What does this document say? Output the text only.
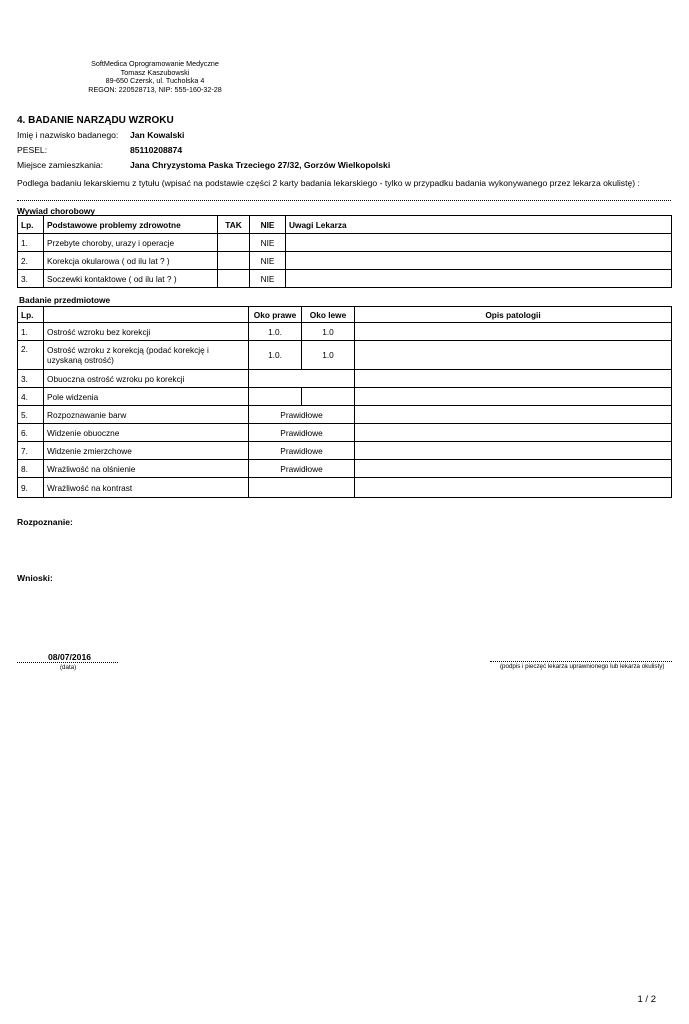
SoftMedica Oprogramowanie Medyczne
Tomasz Kaszubowski
89-650 Czersk, ul. Tucholska 4
REGON: 220528713, NIP: 555-160-32-28
4. BADANIE NARZĄDU WZROKU
Imię i nazwisko badanego: Jan Kowalski
PESEL:	85110208874
Miejsce zamieszkania:	Jana Chryzystoma Paska Trzeciego 27/32, Gorzów Wielkopolski
Podlega badaniu lekarskiemu z tytułu (wpisać na podstawie części 2 karty badania lekarskiego - tylko w przypadku badania wykonywanego przez lekarza okulistę) :
Wywiad chorobowy
Lp.	Podstawowe problemy zdrowotne	TAK	NIE	Uwagi Lekarza
1.	Przebyte choroby, urazy i operacje		NIE	
2.	Korekcja okularowa ( od ilu lat ? )		NIE	
3.	Soczewki kontaktowe ( od ilu lat ? )		NIE	
Badanie przedmiotowe
Lp.		Oko prawe	Oko lewe	Opis patologii
1.	Ostrość wzroku bez korekcji	1.0.	1.0	
2.	Ostrość wzroku z korekcją (podać korekcję i uzyskaną ostrość)	1.0.	1.0	
3.	Obuoczna ostrość wzroku po korekcji			
4.	Pole widzenia			
5.	Rozpoznawanie barw	Prawidłowe		
6.	Widzenie obuoczne	Prawidłowe		
7.	Widzenie zmierzchowe	Prawidłowe		
8.	Wrażliwość na olśnienie	Prawidłowe		
9.	Wrażliwość na kontrast			
Rozpoznanie:
Wnioski:
08/07/2016
(data)	(podpis i pieczęć lekarza uprawnionego lub lekarza okulisty)
1 / 2
